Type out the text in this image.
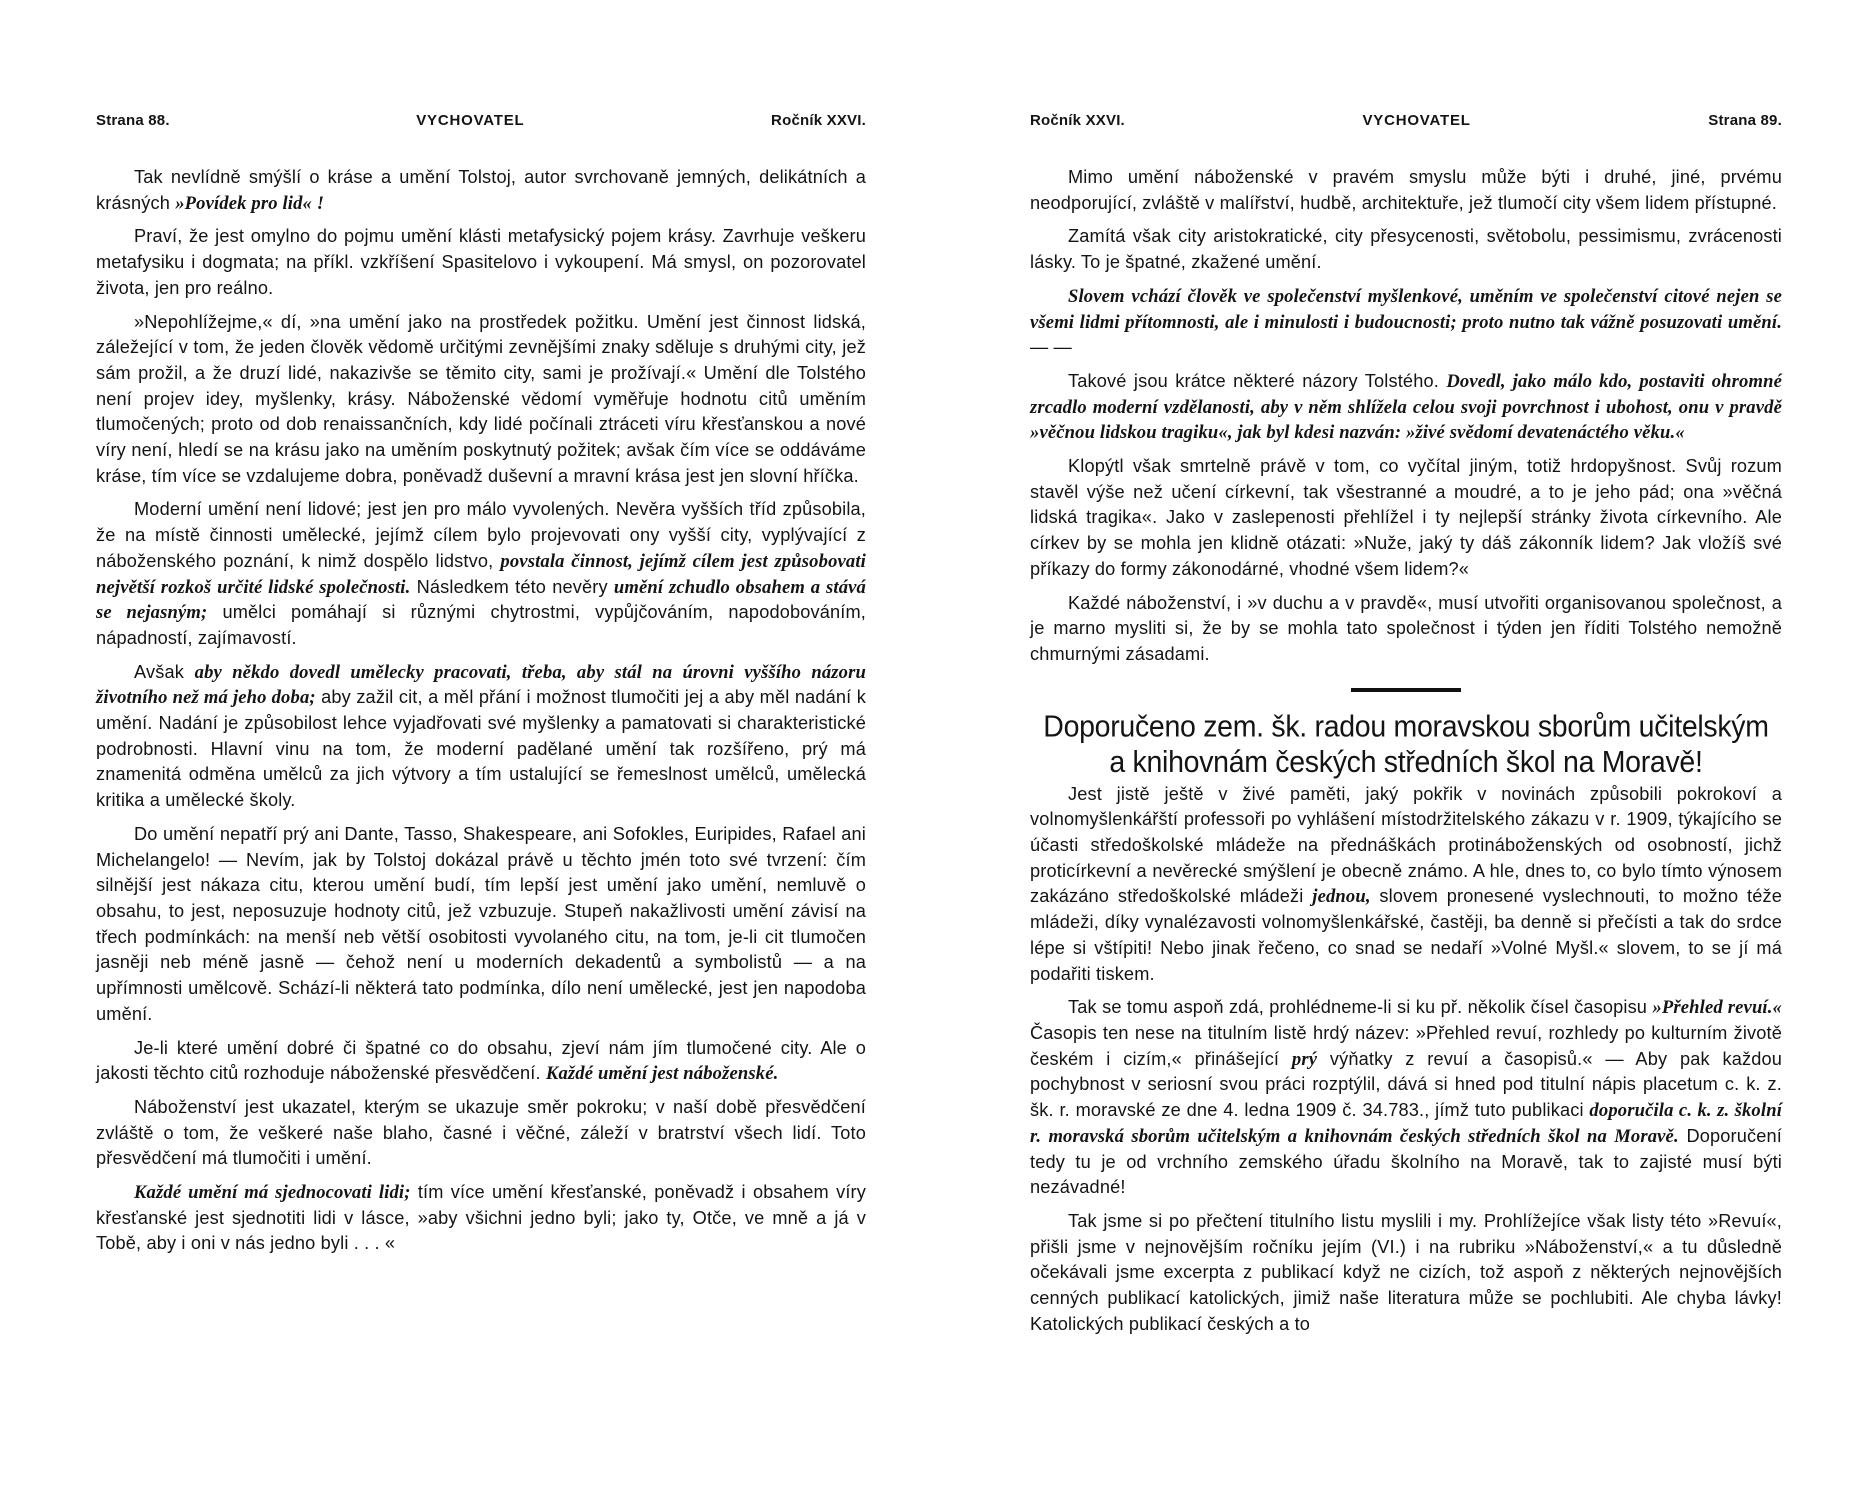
Strana 88.	VYCHOVATEL	Ročník XXVI.

Tak nevlídně smýšlí o kráse a umění Tolstoj, autor svrchovaně jemných, delikátních a krásných »Povídek pro lid« !

Praví, že jest omylno do pojmu umění klásti metafysický pojem krásy. Zavrhuje veškeru metafysiku i dogmata; na příkl. vzkříšení Spasitelovo i vykoupení. Má smysl, on pozorovatel života, jen pro reálno.

»Nepohlížejme,« dí, »na umění jako na prostředek požitku. Umění jest činnost lidská, záležející v tom, že jeden člověk vědomě určitými zevnějšími znaky sděluje s druhými city, jež sám prožil, a že druzí lidé, nakazivše se těmito city, sami je prožívají.« Umění dle Tolstého není projev idey, myšlenky, krásy. Náboženské vědomí vyměřuje hodnotu citů uměním tlumočených; proto od dob renaissančních, kdy lidé počínali ztráceti víru křesťanskou a nové víry není, hledí se na krásu jako na uměním poskytnutý požitek; avšak čím více se oddáváme kráse, tím více se vzdalujeme dobra, poněvadž duševní a mravní krása jest jen slovní hříčka.

Moderní umění není lidové; jest jen pro málo vyvolených. Nevěra vyšších tříd způsobila, že na místě činnosti umělecké, jejímž cílem bylo projevovati ony vyšší city, vyplývající z náboženského poznání, k nimž dospělo lidstvo, povstala činnost, jejímž cílem jest způsobovati největší rozkoš určité lidské společnosti. Následkem této nevěry umění zchudlo obsahem a stává se nejasným; umělci pomáhají si různými chytrostmi, vypůjčováním, napodobováním, nápadností, zajímavostí.

Avšak aby někdo dovedl umělecky pracovati, třeba, aby stál na úrovni vyššího názoru životního než má jeho doba; aby zažil cit, a měl přání i možnost tlumočiti jej a aby měl nadání k umění. Nadání je způsobilost lehce vyjadřovati své myšlenky a pamatovati si charakteristické podrobnosti. Hlavní vinu na tom, že moderní padělané umění tak rozšířeno, prý má znamenitá odměna umělců za jich výtvory a tím ustalující se řemeslnost umělců, umělecká kritika a umělecké školy.

Do umění nepatří prý ani Dante, Tasso, Shakespeare, ani Sofokles, Euripides, Rafael ani Michelangelo! — Nevím, jak by Tolstoj dokázal právě u těchto jmén toto své tvrzení: čím silnější jest nákaza citu, kterou umění budí, tím lepší jest umění jako umění, nemluvě o obsahu, to jest, neposuzuje hodnoty citů, jež vzbuzuje. Stupeň nakažlivosti umění závisí na třech podmínkách: na menší neb větší osobitosti vyvolaného citu, na tom, je-li cit tlumočen jasněji neb méně jasně — čehož není u moderních dekadentů a symbolistů — a na upřímnosti umělcově. Schází-li některá tato podmínka, dílo není umělecké, jest jen napodoba umění.

Je-li které umění dobré či špatné co do obsahu, zjeví nám jím tlumočené city. Ale o jakosti těchto citů rozhoduje náboženské přesvědčení. Každé umění jest náboženské.

Náboženství jest ukazatel, kterým se ukazuje směr pokroku; v naší době přesvědčení zvláště o tom, že veškeré naše blaho, časné i věčné, záleží v bratrství všech lidí. Toto přesvědčení má tlumočiti i umění.

Každé umění má sjednocovati lidi; tím více umění křesťanské, poněvadž i obsahem víry křesťanské jest sjednotiti lidi v lásce, »aby všichni jedno byli; jako ty, Otče, ve mně a já v Tobě, aby i oni v nás jedno byli . . . «

Ročník XXVI.	VYCHOVATEL	Strana 89.

Mimo umění náboženské v pravém smyslu může býti i druhé, jiné, prvému neodporující, zvláště v malířství, hudbě, architektuře, jež tlumočí city všem lidem přístupné.

Zamítá však city aristokratické, city přesycenosti, světobolu, pessimismu, zvrácenosti lásky. To je špatné, zkažené umění.

Slovem vchází člověk ve společenství myšlenkové, uměním ve společenství citové nejen se všemi lidmi přítomnosti, ale i minulosti i budoucnosti; proto nutno tak vážně posuzovati umění. — —

Takové jsou krátce některé názory Tolstého. Dovedl, jako málo kdo, postaviti ohromné zrcadlo moderní vzdělanosti, aby v něm shlížela celou svoji povrchnost i ubohost, onu v pravdě »věčnou lidskou tragiku«, jak byl kdesi nazván: »živé svědomí devatenáctého věku.«

Klopýtl však smrtelně právě v tom, co vyčítal jiným, totiž hrdopyšnost. Svůj rozum stavěl výše než učení církevní, tak všestranné a moudré, a to je jeho pád; ona »věčná lidská tragika«. Jako v zaslepenosti přehlížel i ty nejlepší stránky života církevního. Ale církev by se mohla jen klidně otázati: »Nuže, jaký ty dáš zákonník lidem? Jak vložíš své příkazy do formy zákonodárné, vhodné všem lidem?«

Každé náboženství, i »v duchu a v pravdě«, musí utvořiti organisovanou společnost, a je marno mysliti si, že by se mohla tato společnost i týden jen říditi Tolstého nemožně chmurnými zásadami.

Doporučeno zem. šk. radou moravskou sborům učitelským
a knihovnám českých středních škol na Moravě!

Jest jistě ještě v živé paměti, jaký pokřik v novinách způsobili pokrokoví a volnomyšlenkářští professoři po vyhlášení místodržitelského zákazu v r. 1909, týkajícího se účasti středoškolské mládeže na přednáškách protináboženských od osobností, jichž proticírkevní a nevěrecké smýšlení je obecně známo. A hle, dnes to, co bylo tímto výnosem zakázáno středoškolské mládeži jednou, slovem pronesené vyslechnouti, to možno téže mládeži, díky vynalézavosti volnomyšlenkářské, častěji, ba denně si přečísti a tak do srdce lépe si vštípiti! Nebo jinak řečeno, co snad se nedaří »Volné Myšl.« slovem, to se jí má podařiti tiskem.

Tak se tomu aspoň zdá, prohlédneme-li si ku př. několik čísel časopisu »Přehled revuí.« Časopis ten nese na titulním listě hrdý název: »Přehled revuí, rozhledy po kulturním životě českém i cizím,« přinášející prý výňatky z revuí a časopisů.« — Aby pak každou pochybnost v seriosní svou práci rozptýlil, dává si hned pod titulní nápis placetum c. k. z. šk. r. moravské ze dne 4. ledna 1909 č. 34.783., jímž tuto publikaci doporučila c. k. z. školní r. moravská sborům učitelským a knihovnám českých středních škol na Moravě. Doporučení tedy tu je od vrchního zemského úřadu školního na Moravě, tak to zajisté musí býti nezávadné!

Tak jsme si po přečtení titulního listu myslili i my. Prohlížejíce však listy této »Revuí«, přišli jsme v nejnovějším ročníku jejím (VI.) i na rubriku »Náboženství,« a tu důsledně očekávali jsme excerpta z publikací když ne cizích, tož aspoň z některých nejnovějších cenných publikací katolických, jimiž naše literatura může se pochlubiti. Ale chyba lávky! Katolických publikací českých a to
